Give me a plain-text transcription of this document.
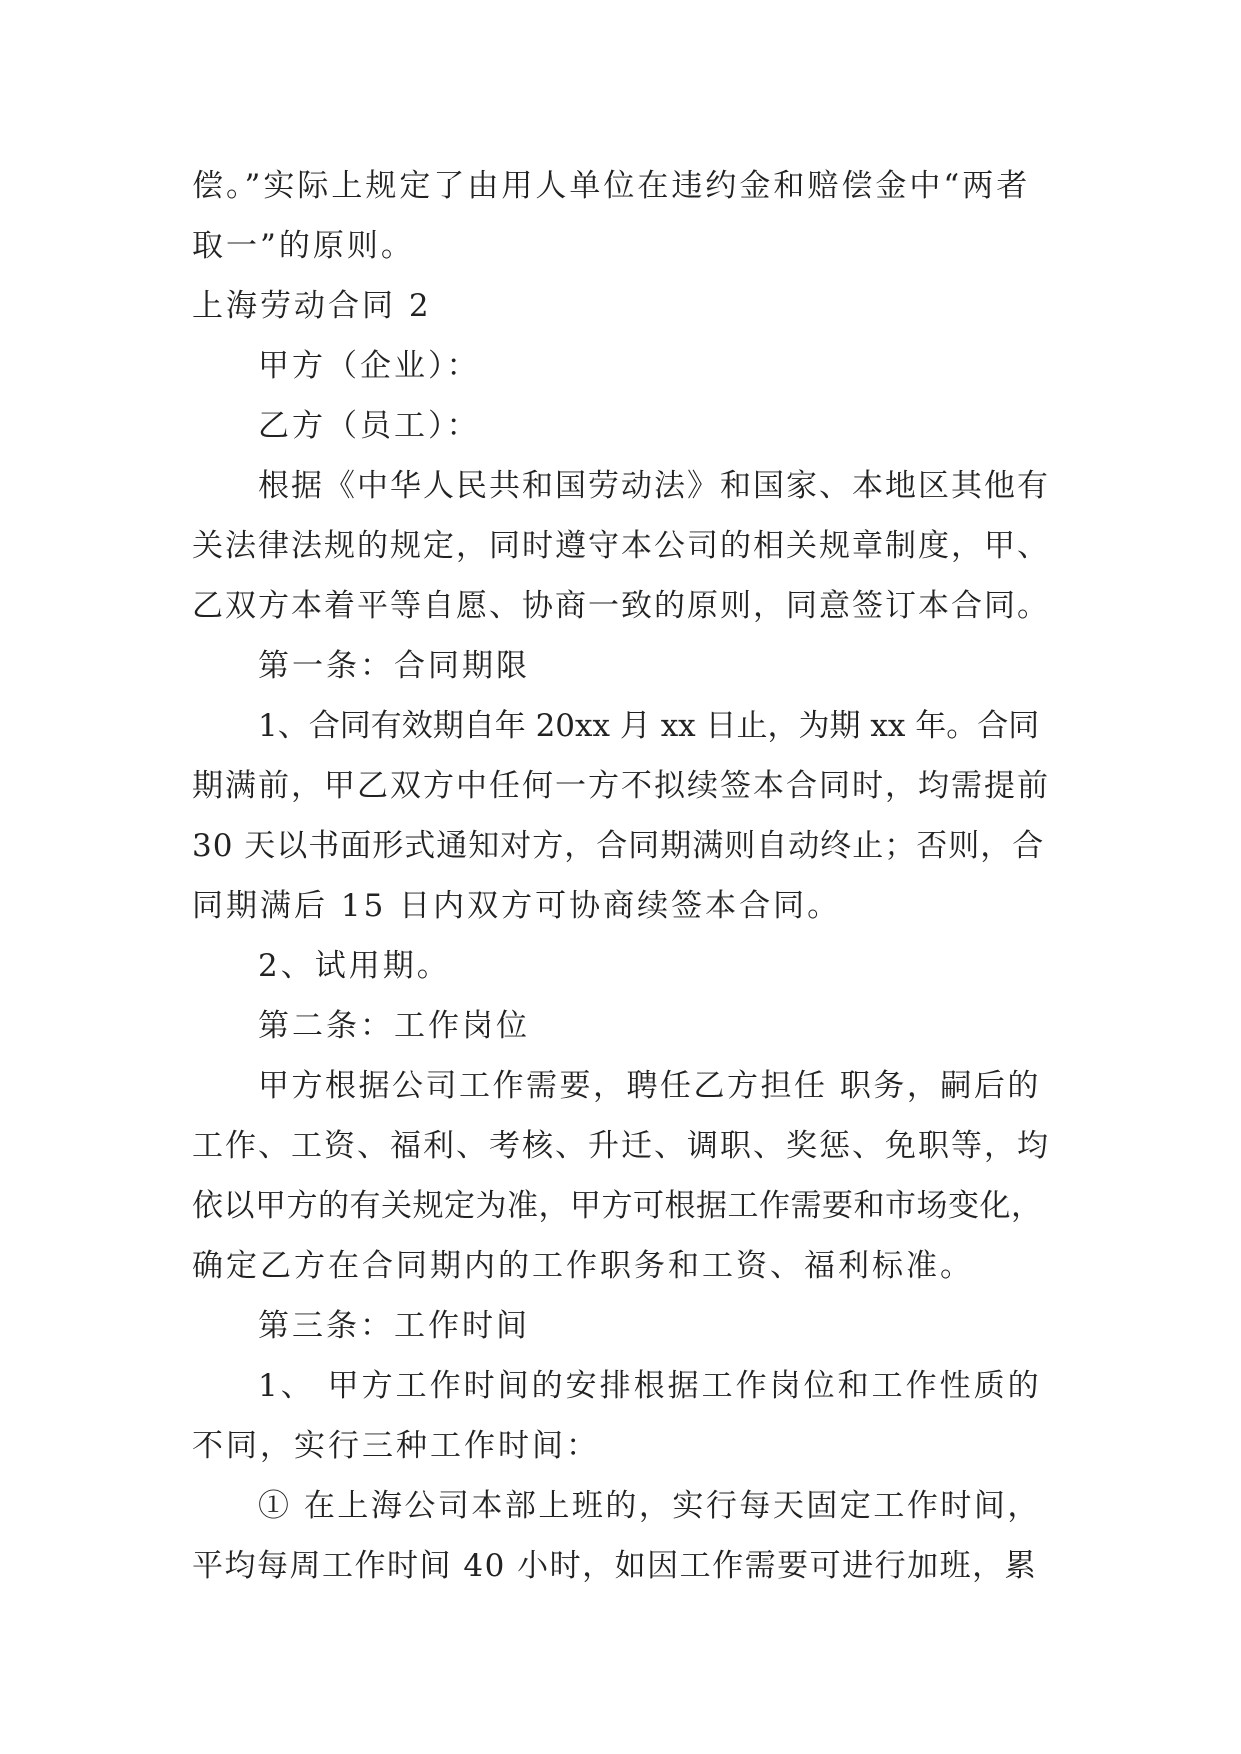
偿。”实际上规定了由用人单位在违约金和赔偿金中“两者
取一”的原则。
上海劳动合同 2
甲方（企业）：
乙方（员工）：
根据《中华人民共和国劳动法》和国家、本地区其他有
关法律法规的规定，同时遵守本公司的相关规章制度，甲、
乙双方本着平等自愿、协商一致的原则，同意签订本合同。
第一条：合同期限
1、合同有效期自年 20xx 月 xx 日止，为期 xx 年。合同
期满前，甲乙双方中任何一方不拟续签本合同时，均需提前
30 天以书面形式通知对方，合同期满则自动终止；否则，合
同期满后 15 日内双方可协商续签本合同。
2、试用期。
第二条：工作岗位
甲方根据公司工作需要，聘任乙方担任 职务，嗣后的
工作、工资、福利、考核、升迁、调职、奖惩、免职等，均
依以甲方的有关规定为准，甲方可根据工作需要和市场变化，
确定乙方在合同期内的工作职务和工资、福利标准。
第三条：工作时间
1、 甲方工作时间的安排根据工作岗位和工作性质的
不同，实行三种工作时间：
① 在上海公司本部上班的，实行每天固定工作时间，
平均每周工作时间 40 小时，如因工作需要可进行加班，累
